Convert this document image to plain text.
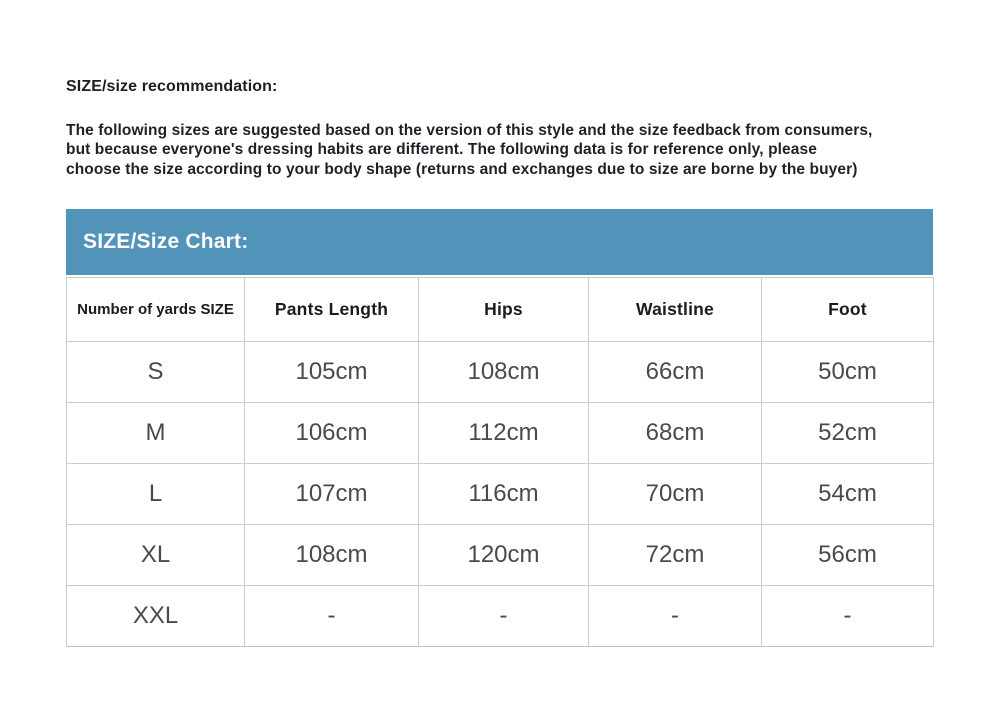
SIZE/size recommendation:
The following sizes are suggested based on the version of this style and the size feedback from consumers,
but because everyone's dressing habits are different. The following data is for reference only, please
choose the size according to your body shape (returns and exchanges due to size are borne by the buyer)
SIZE/Size Chart:
Number of yards SIZE	Pants Length	Hips	Waistline	Foot
S	105cm	108cm	66cm	50cm
M	106cm	112cm	68cm	52cm
L	107cm	116cm	70cm	54cm
XL	108cm	120cm	72cm	56cm
XXL	-	-	-	-
